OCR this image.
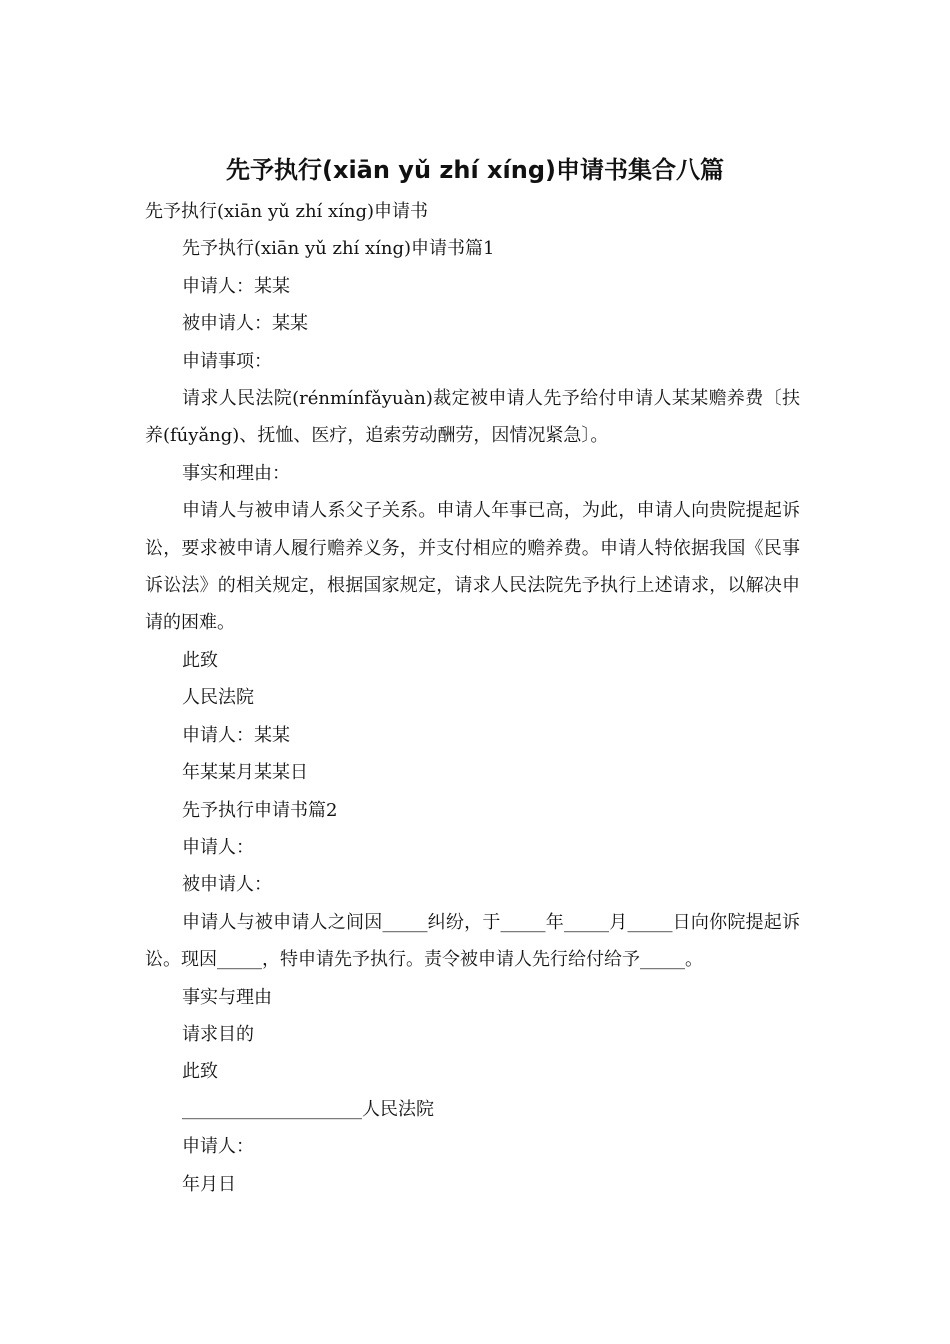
先予执行(xiān yǔ zhí xíng)申请书集合八篇

先予执行(xiān yǔ zhí xíng)申请书

先予执行(xiān yǔ zhí xíng)申请书篇1

申请人：某某

被申请人：某某

申请事项：

请求人民法院(rénmínfǎyuàn)裁定被申请人先予给付申请人某某赡养费〔扶养(fúyǎng)、抚恤、医疗，追索劳动酬劳，因情况紧急〕。

事实和理由：

申请人与被申请人系父子关系。申请人年事已高，为此，申请人向贵院提起诉讼，要求被申请人履行赡养义务，并支付相应的赡养费。申请人特依据我国《民事诉讼法》的相关规定，根据国家规定，请求人民法院先予执行上述请求，以解决申请的困难。

此致

人民法院

申请人：某某

年某某月某某日

先予执行申请书篇2

申请人：

被申请人：

申请人与被申请人之间因_____纠纷，于_____年_____月_____日向你院提起诉讼。现因_____，特申请先予执行。责令被申请人先行给付给予_____。

事实与理由

请求目的

此致

____________________人民法院

申请人：

年月日
